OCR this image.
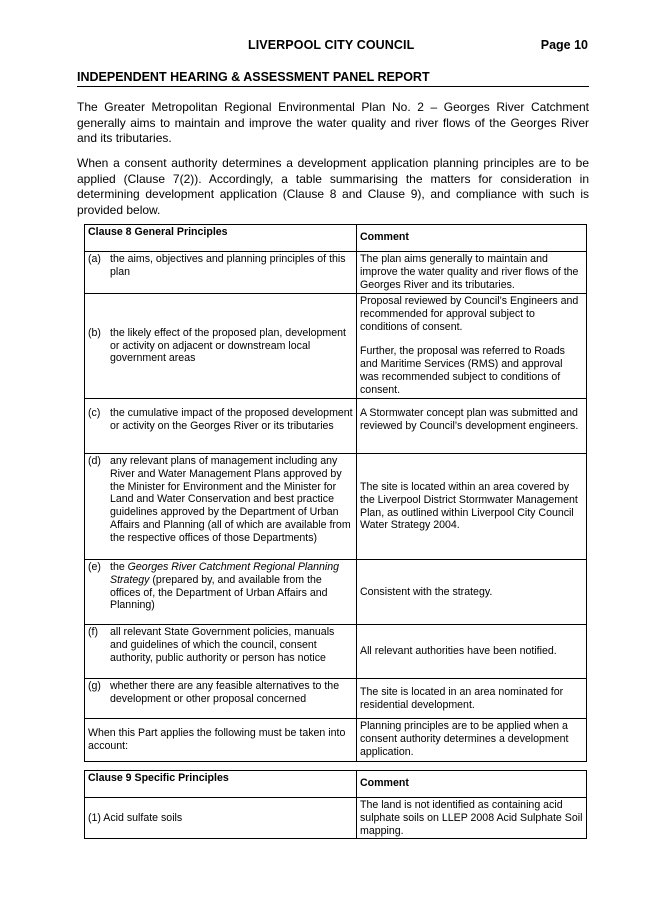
LIVERPOOL CITY COUNCIL	Page 10
INDEPENDENT HEARING & ASSESSMENT PANEL REPORT

The Greater Metropolitan Regional Environmental Plan No. 2 – Georges River Catchment generally aims to maintain and improve the water quality and river flows of the Georges River and its tributaries.

When a consent authority determines a development application planning principles are to be applied (Clause 7(2)). Accordingly, a table summarising the matters for consideration in determining development application (Clause 8 and Clause 9), and compliance with such is provided below.

Clause 8 General Principles	Comment

(a) the aims, objectives and planning principles of this plan	The plan aims generally to maintain and improve the water quality and river flows of the Georges River and its tributaries.

(b) the likely effect of the proposed plan, development or activity on adjacent or downstream local government areas	Proposal reviewed by Council’s Engineers and recommended for approval subject to conditions of consent.
Further, the proposal was referred to Roads and Maritime Services (RMS) and approval was recommended subject to conditions of consent.

(c) the cumulative impact of the proposed development or activity on the Georges River or its tributaries	A Stormwater concept plan was submitted and reviewed by Council’s development engineers.

(d) any relevant plans of management including any River and Water Management Plans approved by the Minister for Environment and the Minister for Land and Water Conservation and best practice guidelines approved by the Department of Urban Affairs and Planning (all of which are available from the respective offices of those Departments)	The site is located within an area covered by the Liverpool District Stormwater Management Plan, as outlined within Liverpool City Council Water Strategy 2004.

(e) the Georges River Catchment Regional Planning Strategy (prepared by, and available from the offices of, the Department of Urban Affairs and Planning)	Consistent with the strategy.

(f) all relevant State Government policies, manuals and guidelines of which the council, consent authority, public authority or person has notice	All relevant authorities have been notified.

(g) whether there are any feasible alternatives to the development or other proposal concerned	The site is located in an area nominated for residential development.
When this Part applies the following must be taken into account:	Planning principles are to be applied when a consent authority determines a development application.
Clause 9 Specific Principles	Comment
(1) Acid sulfate soils	The land is not identified as containing acid sulphate soils on LLEP 2008 Acid Sulphate Soil mapping.
